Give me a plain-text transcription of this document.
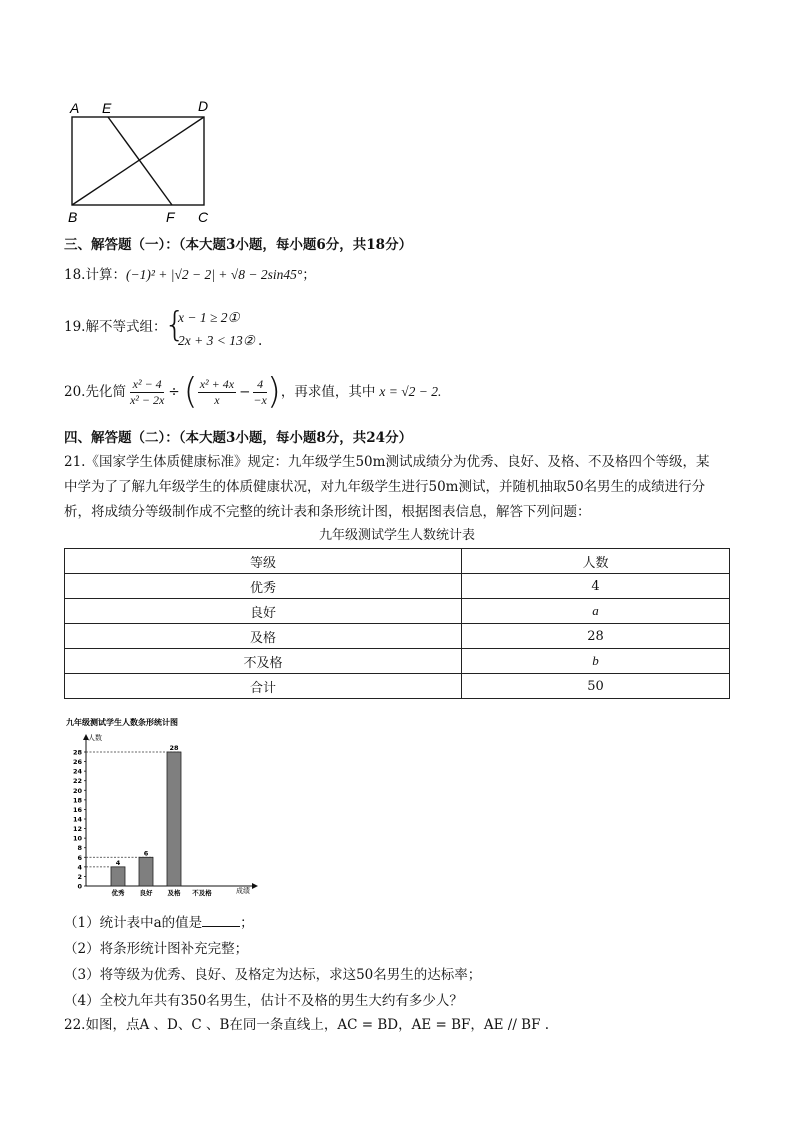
A E	D
B	F C
三、解答题（一）：（本大题3小题，每小题6分，共18分）
18.计算：(−1)² + |√2 − 2| + √8 − 2sin45°；
19.解不等式组：
{
x − 1 ≥ 2①
2x + 3 < 13② .
20.先化简 $\frac{\text{x² − 4}}{\text{x² − 2x}}$ ÷ ( $\frac{\text{x² + 4x}}{x} - \frac{4}{-x}$ ) ，再求值，其中 x = √2 − 2.
四、解答题（二）：（本大题3小题，每小题8分，共24分）
21.《国家学生体质健康标准》规定：九年级学生50m测试成绩分为优秀、良好、及格、不及格四个等级，某
中学为了了解九年级学生的体质健康状况，对九年级学生进行50m测试，并随机抽取50名男生的成绩进行分
析，将成绩分等级制作成不完整的统计表和条形统计图，根据图表信息，解答下列问题：
九年级测试学生人数统计表
等级	人数
优秀	4
良好	a
及格	28
不及格	b
合计	50
九年级测试学生人数条形统计图
人数
成绩
0
2
4
6
8
10
12
14
16
18
20
22
24
26
28
优秀
4
良好
6
及格
28
不及格
（1）统计表中a的值是	；
（2）将条形统计图补充完整；
（3）将等级为优秀、良好、及格定为达标，求这50名男生的达标率；
（4）全校九年共有350名男生，估计不及格的男生大约有多少人？
22.如图，点A 、D、C 、B在同一条直线上，AC = BD，AE = BF，AE // BF .
